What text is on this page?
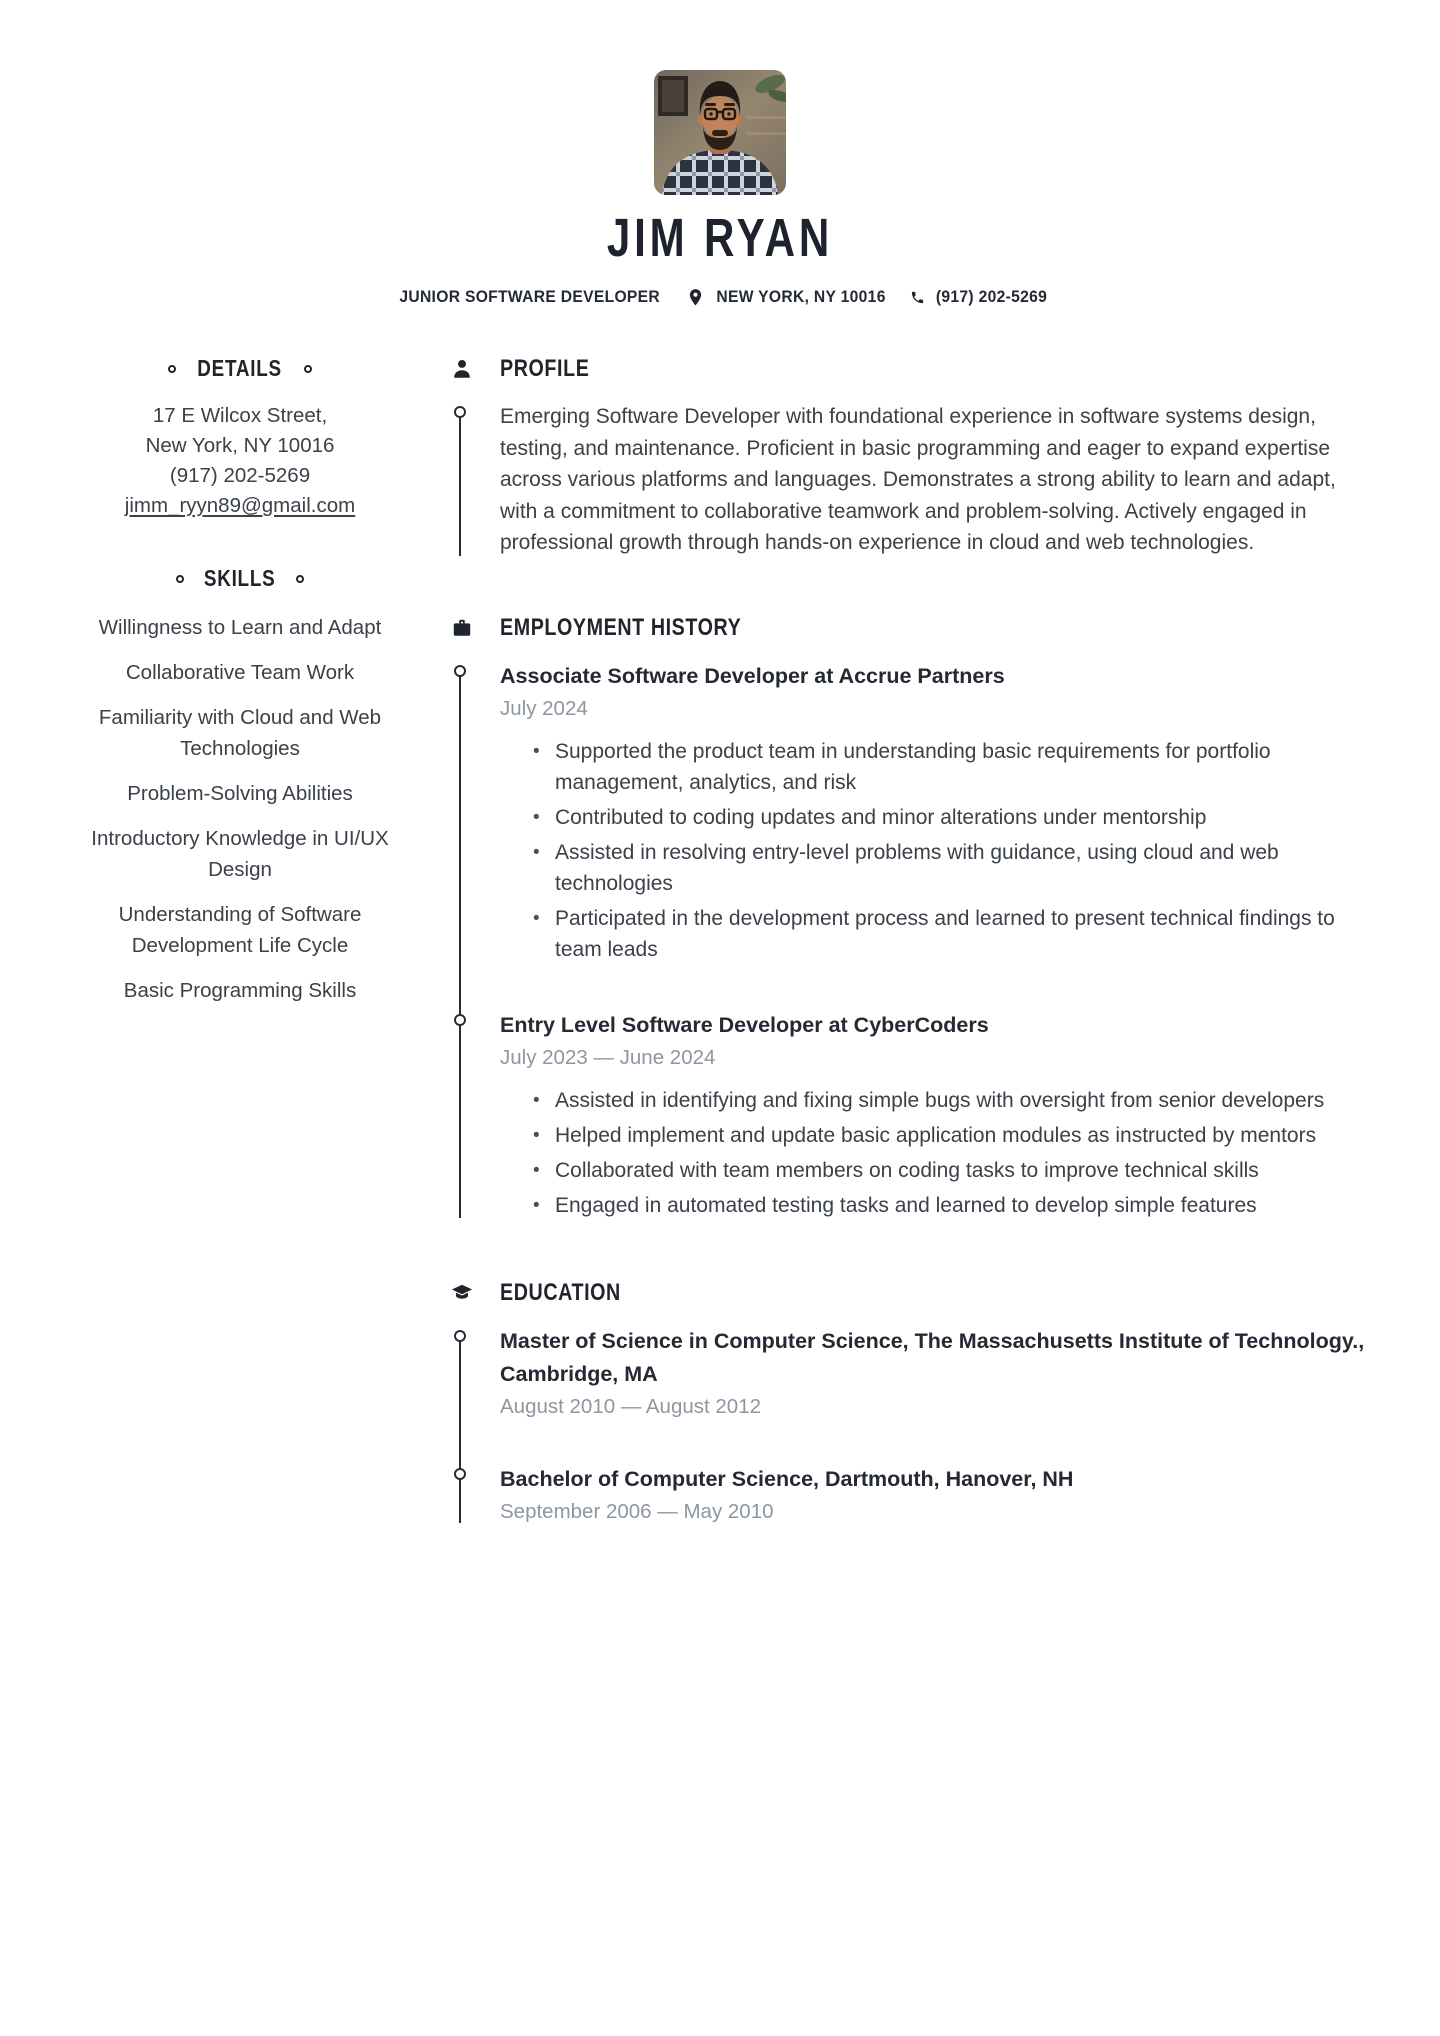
JIM RYAN
JUNIOR SOFTWARE DEVELOPER	NEW YORK, NY 10016	(917) 202-5269
DETAILS
17 E Wilcox Street,
New York, NY 10016
(917) 202-5269
jimm_ryyn89@gmail.com
SKILLS
Willingness to Learn and Adapt
Collaborative Team Work
Familiarity with Cloud and Web Technologies
Problem-Solving Abilities
Introductory Knowledge in UI/UX Design
Understanding of Software Development Life Cycle
Basic Programming Skills
PROFILE

Emerging Software Developer with foundational experience in software systems design, testing, and maintenance. Proficient in basic programming and eager to expand expertise across various platforms and languages. Demonstrates a strong ability to learn and adapt, with a commitment to collaborative teamwork and problem-solving. Actively engaged in professional growth through hands-on experience in cloud and web technologies.

EMPLOYMENT HISTORY
Associate Software Developer at Accrue Partners
July 2024
• Supported the product team in understanding basic requirements for portfolio management, analytics, and risk
• Contributed to coding updates and minor alterations under mentorship
• Assisted in resolving entry-level problems with guidance, using cloud and web technologies
• Participated in the development process and learned to present technical findings to team leads
Entry Level Software Developer at CyberCoders
July 2023 — June 2024
• Assisted in identifying and fixing simple bugs with oversight from senior developers
• Helped implement and update basic application modules as instructed by mentors
• Collaborated with team members on coding tasks to improve technical skills
• Engaged in automated testing tasks and learned to develop simple features
EDUCATION
Master of Science in Computer Science, The Massachusetts Institute of Technology., Cambridge, MA
August 2010 — August 2012
Bachelor of Computer Science, Dartmouth, Hanover, NH
September 2006 — May 2010
